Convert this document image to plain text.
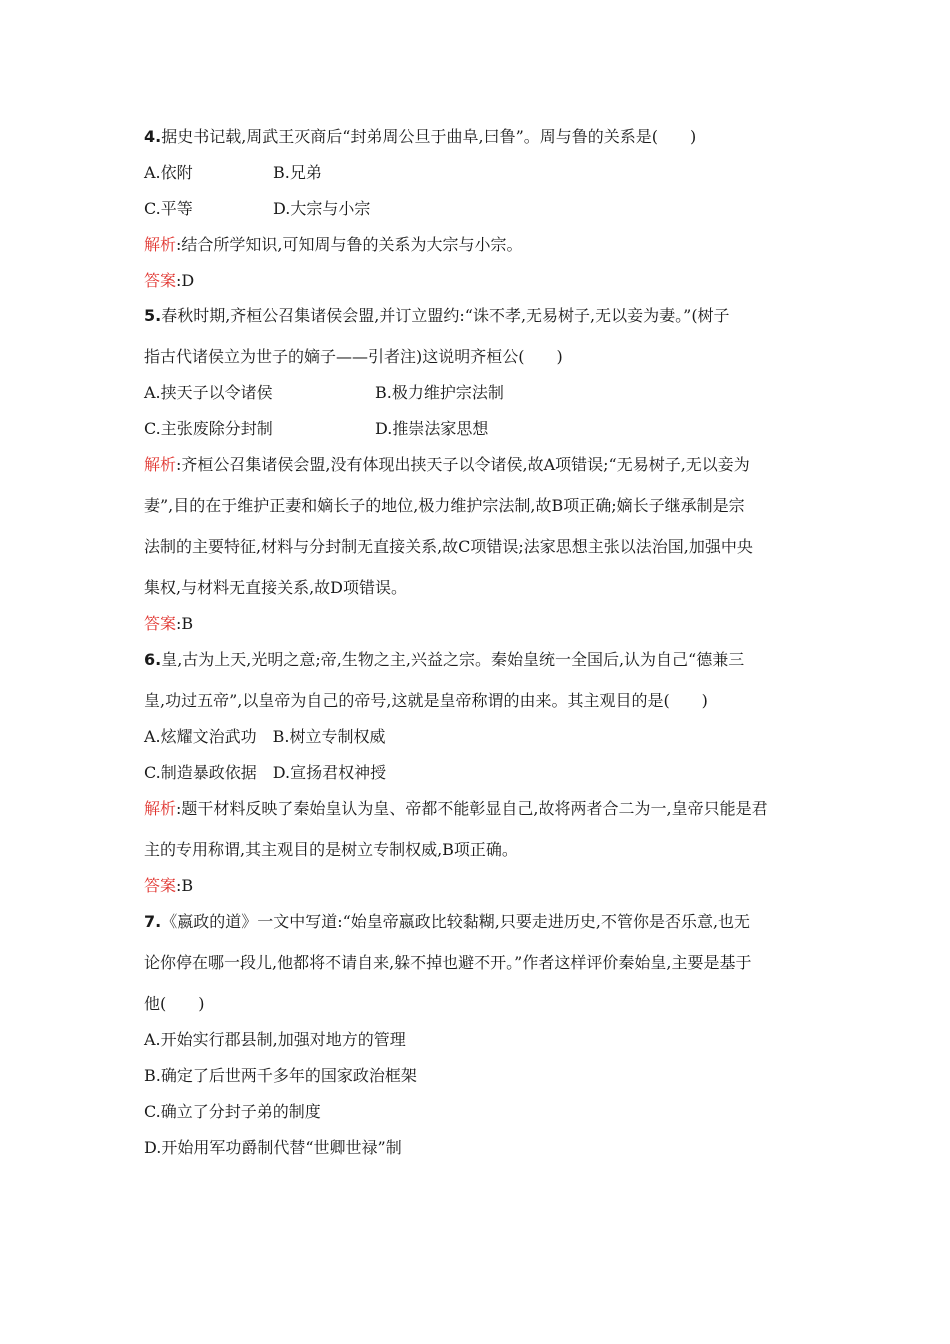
4.据史书记载,周武王灭商后“封弟周公旦于曲阜,曰鲁”。周与鲁的关系是(　　)
A.依附	B.兄弟
C.平等	D.大宗与小宗
解析:结合所学知识,可知周与鲁的关系为大宗与小宗。
答案:D
5.春秋时期,齐桓公召集诸侯会盟,并订立盟约:“诛不孝,无易树子,无以妾为妻。”(树子
指古代诸侯立为世子的嫡子——引者注)这说明齐桓公(　　)
A.挟天子以令诸侯	B.极力维护宗法制
C.主张废除分封制	D.推崇法家思想
解析:齐桓公召集诸侯会盟,没有体现出挟天子以令诸侯,故A项错误;“无易树子,无以妾为
妻”,目的在于维护正妻和嫡长子的地位,极力维护宗法制,故B项正确;嫡长子继承制是宗
法制的主要特征,材料与分封制无直接关系,故C项错误;法家思想主张以法治国,加强中央
集权,与材料无直接关系,故D项错误。
答案:B
6.皇,古为上天,光明之意;帝,生物之主,兴益之宗。秦始皇统一全国后,认为自己“德兼三
皇,功过五帝”,以皇帝为自己的帝号,这就是皇帝称谓的由来。其主观目的是(　　)
A.炫耀文治武功　B.树立专制权威
C.制造暴政依据　D.宣扬君权神授
解析:题干材料反映了秦始皇认为皇、帝都不能彰显自己,故将两者合二为一,皇帝只能是君
主的专用称谓,其主观目的是树立专制权威,B项正确。
答案:B
7.《嬴政的道》一文中写道:“始皇帝嬴政比较黏糊,只要走进历史,不管你是否乐意,也无
论你停在哪一段儿,他都将不请自来,躲不掉也避不开。”作者这样评价秦始皇,主要是基于
他(　　)
A.开始实行郡县制,加强对地方的管理
B.确定了后世两千多年的国家政治框架
C.确立了分封子弟的制度
D.开始用军功爵制代替“世卿世禄”制
